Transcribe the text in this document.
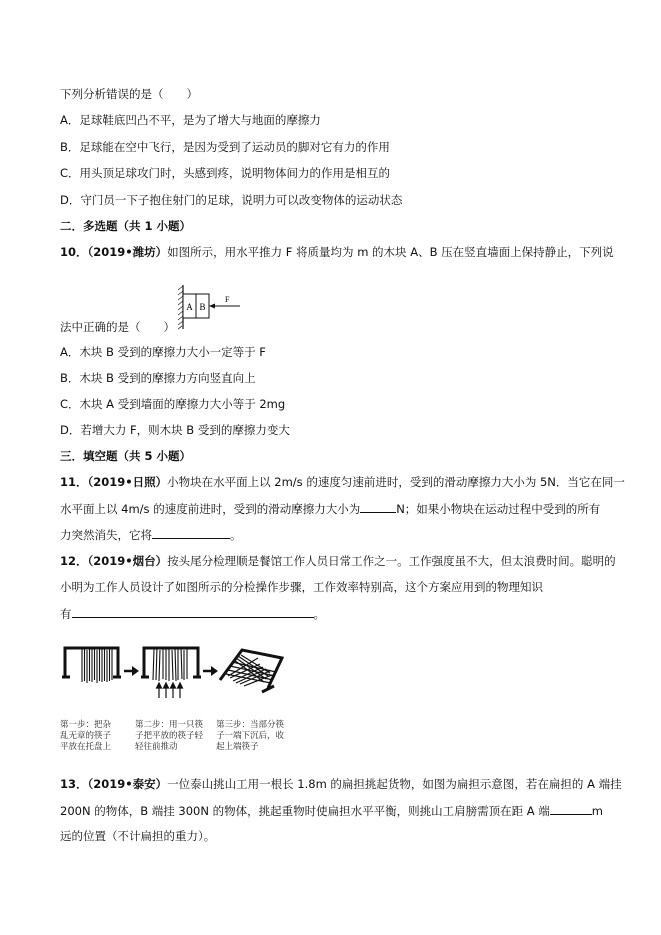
下列分析错误的是（　　）
A．足球鞋底凹凸不平，是为了增大与地面的摩擦力
B．足球能在空中飞行，是因为受到了运动员的脚对它有力的作用
C．用头顶足球攻门时，头感到疼，说明物体间力的作用是相互的
D．守门员一下子抱住射门的足球，说明力可以改变物体的运动状态
二．多选题（共 1 小题）
10．（2019•潍坊）如图所示，用水平推力 F 将质量均为 m 的木块 A、B 压在竖直墙面上保持静止，下列说
A B
F
法中正确的是（　　）
A．木块 B 受到的摩擦力大小一定等于 F
B．木块 B 受到的摩擦力方向竖直向上
C．木块 A 受到墙面的摩擦力大小等于 2mg
D．若增大力 F，则木块 B 受到的摩擦力变大
三．填空题（共 5 小题）
11．（2019•日照）小物块在水平面上以 2m/s 的速度匀速前进时，受到的滑动摩擦力大小为 5N．当它在同一
水平面上以 4m/s 的速度前进时，受到的滑动摩擦力大小为	N；如果小物块在运动过程中受到的所有
力突然消失，它将	。
12．（2019•烟台）按头尾分检理顺是餐馆工作人员日常工作之一。工作强度虽不大，但太浪费时间。聪明的
小明为工作人员设计了如图所示的分检操作步骤，工作效率特别高，这个方案应用到的物理知识
有	。
第一步：把杂
乱无章的筷子
平放在托盘上
第二步：用一只筷
子把平放的筷子轻
轻往前推动
第三步：当部分筷
子一端下沉后，收
起上端筷子
13．（2019•泰安）一位泰山挑山工用一根长 1.8m 的扁担挑起货物，如图为扁担示意图，若在扁担的 A 端挂
200N 的物体，B 端挂 300N 的物体，挑起重物时使扁担水平平衡，则挑山工肩膀需顶在距 A 端	m
远的位置（不计扁担的重力）。
